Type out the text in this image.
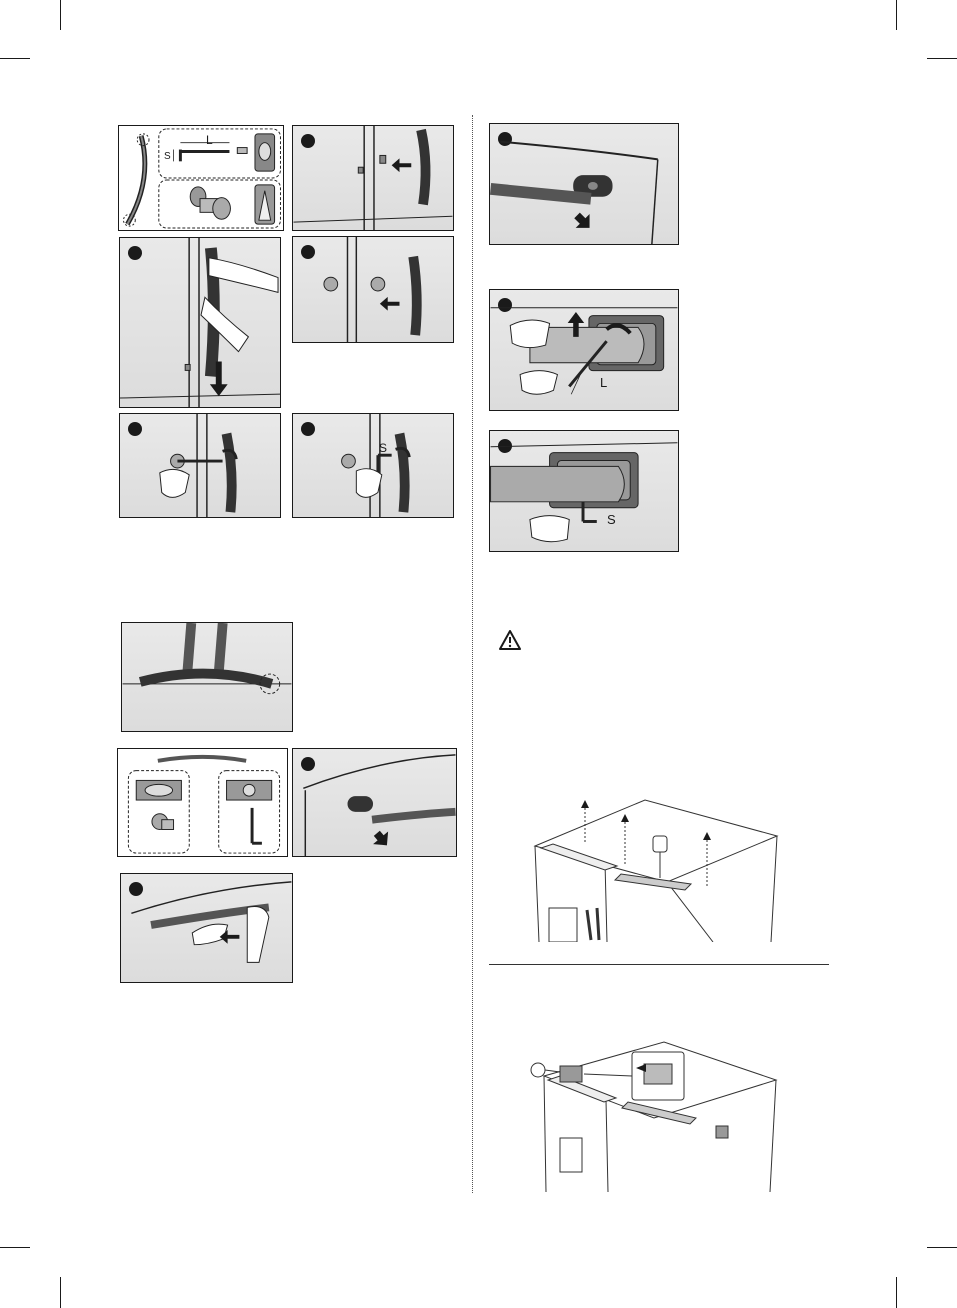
L
S
S
L
S
